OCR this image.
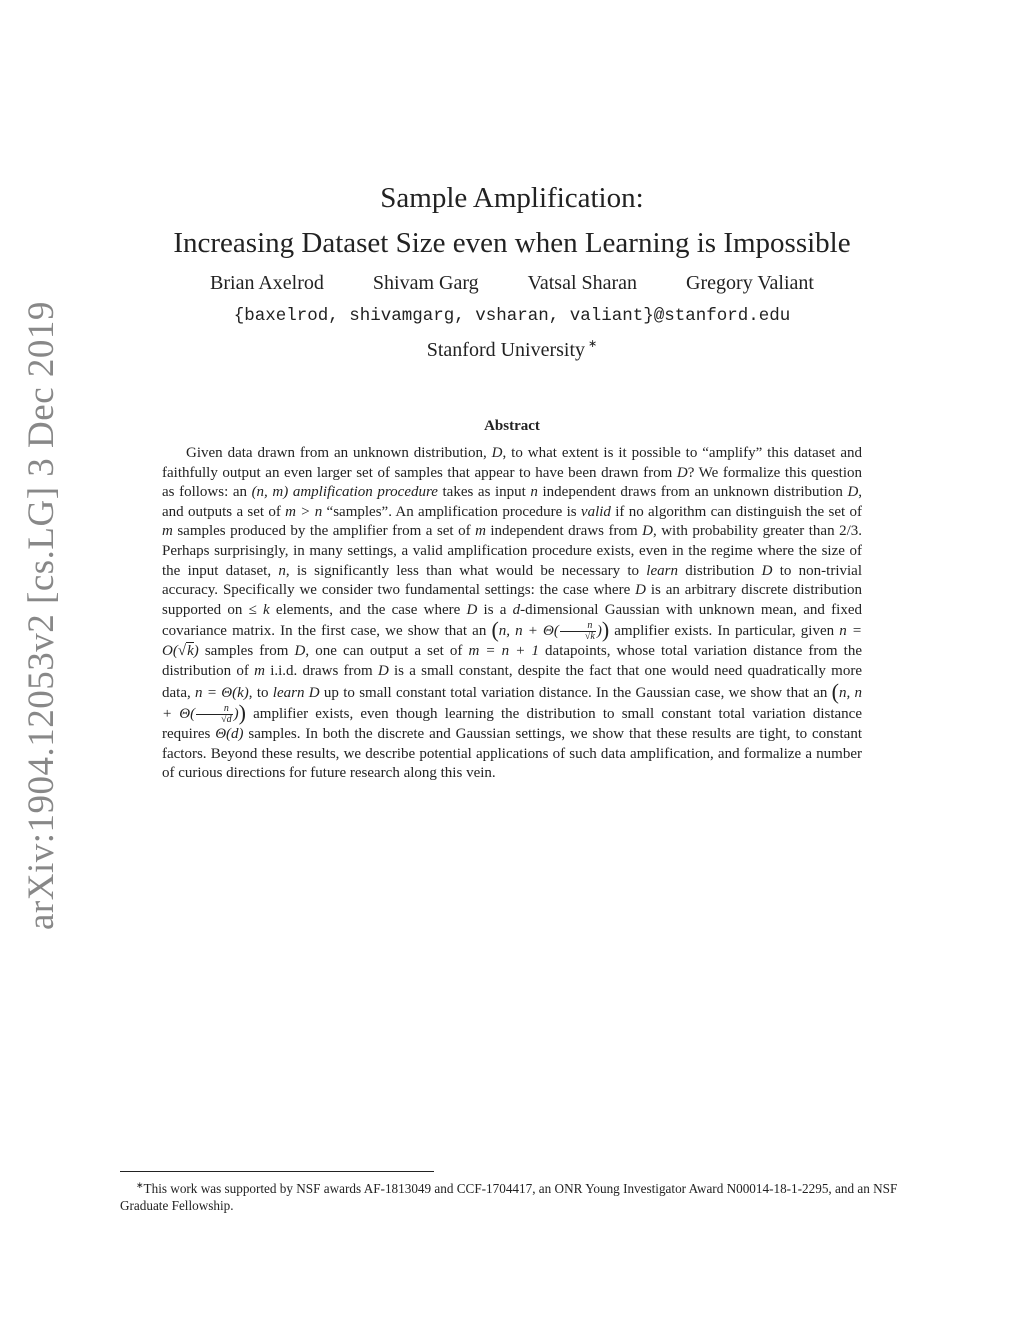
arXiv:1904.12053v2 [cs.LG] 3 Dec 2019
Sample Amplification:
Increasing Dataset Size even when Learning is Impossible
Brian Axelrod Shivam Garg Vatsal Sharan Gregory Valiant
{baxelrod, shivamgarg, vsharan, valiant}@stanford.edu
Stanford University ∗
Abstract

Given data drawn from an unknown distribution, D, to what extent is it possible to “amplify” this dataset and faithfully output an even larger set of samples that appear to have been drawn from D? We formalize this question as follows: an (n, m) amplification procedure takes as input n independent draws from an unknown distribution D, and outputs a set of m > n “samples”. An amplification procedure is valid if no algorithm can distinguish the set of m samples produced by the amplifier from a set of m independent draws from D, with probability greater than 2/3. Perhaps surprisingly, in many settings, a valid amplification procedure exists, even in the regime where the size of the input dataset, n, is significantly less than what would be necessary to learn distribution D to non-trivial accuracy. Specifically we consider two fundamental settings: the case where D is an arbitrary discrete distribution supported on ≤ k elements, and the case where D is a d-dimensional Gaussian with unknown mean, and fixed covariance matrix. In the first case, we show that an (n, $n + \Theta( \frac{n}{√k}$ )) amplifier exists. In particular, given n = O(√k) samples from D, one can output a set of m = n + 1 datapoints, whose total variation distance from the distribution of m i.i.d. draws from D is a small constant, despite the fact that one would need quadratically more data, n = Θ(k), to learn D up to small constant total variation distance. In the Gaussian case, we show that an (n, $n + \Theta( \frac{n}{√d}$ )) amplifier exists, even though learning the distribution to small constant total variation distance requires Θ(d) samples. In both the discrete and Gaussian settings, we show that these results are tight, to constant factors. Beyond these results, we describe potential applications of such data amplification, and formalize a number of curious directions for future research along this vein.

∗This work was supported by NSF awards AF-1813049 and CCF-1704417, an ONR Young Investigator Award N00014-18-1-2295, and an NSF Graduate Fellowship.
